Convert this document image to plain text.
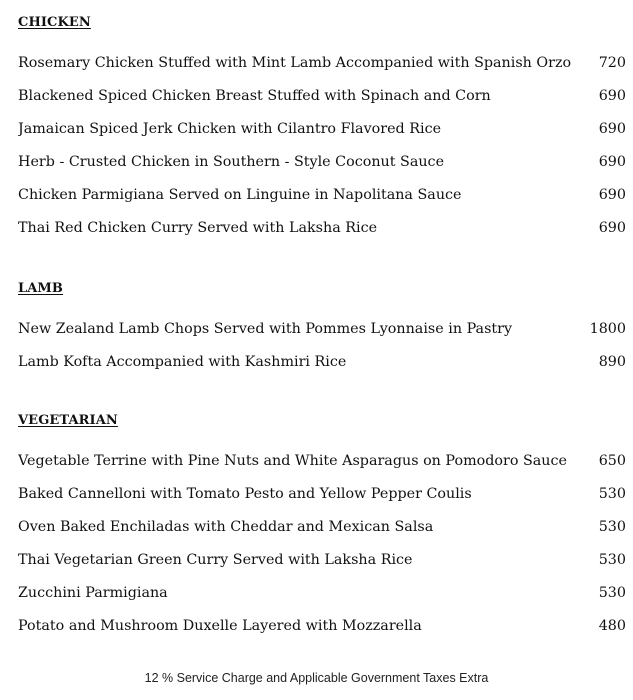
CHICKEN
Rosemary Chicken Stuffed with Mint Lamb Accompanied with Spanish Orzo	720
Blackened Spiced Chicken Breast Stuffed with Spinach and Corn	690
Jamaican Spiced Jerk Chicken with Cilantro Flavored Rice	690
Herb - Crusted Chicken in Southern - Style Coconut Sauce	690
Chicken Parmigiana Served on Linguine in Napolitana Sauce	690
Thai Red Chicken Curry Served with Laksha Rice	690
LAMB
New Zealand Lamb Chops Served with Pommes Lyonnaise in Pastry	1800
Lamb Kofta Accompanied with Kashmiri Rice	890
VEGETARIAN
Vegetable Terrine with Pine Nuts and White Asparagus on Pomodoro Sauce	650
Baked Cannelloni with Tomato Pesto and Yellow Pepper Coulis	530
Oven Baked Enchiladas with Cheddar and Mexican Salsa	530
Thai Vegetarian Green Curry Served with Laksha Rice	530
Zucchini Parmigiana	530
Potato and Mushroom Duxelle Layered with Mozzarella	480
12 % Service Charge and Applicable Government Taxes Extra
